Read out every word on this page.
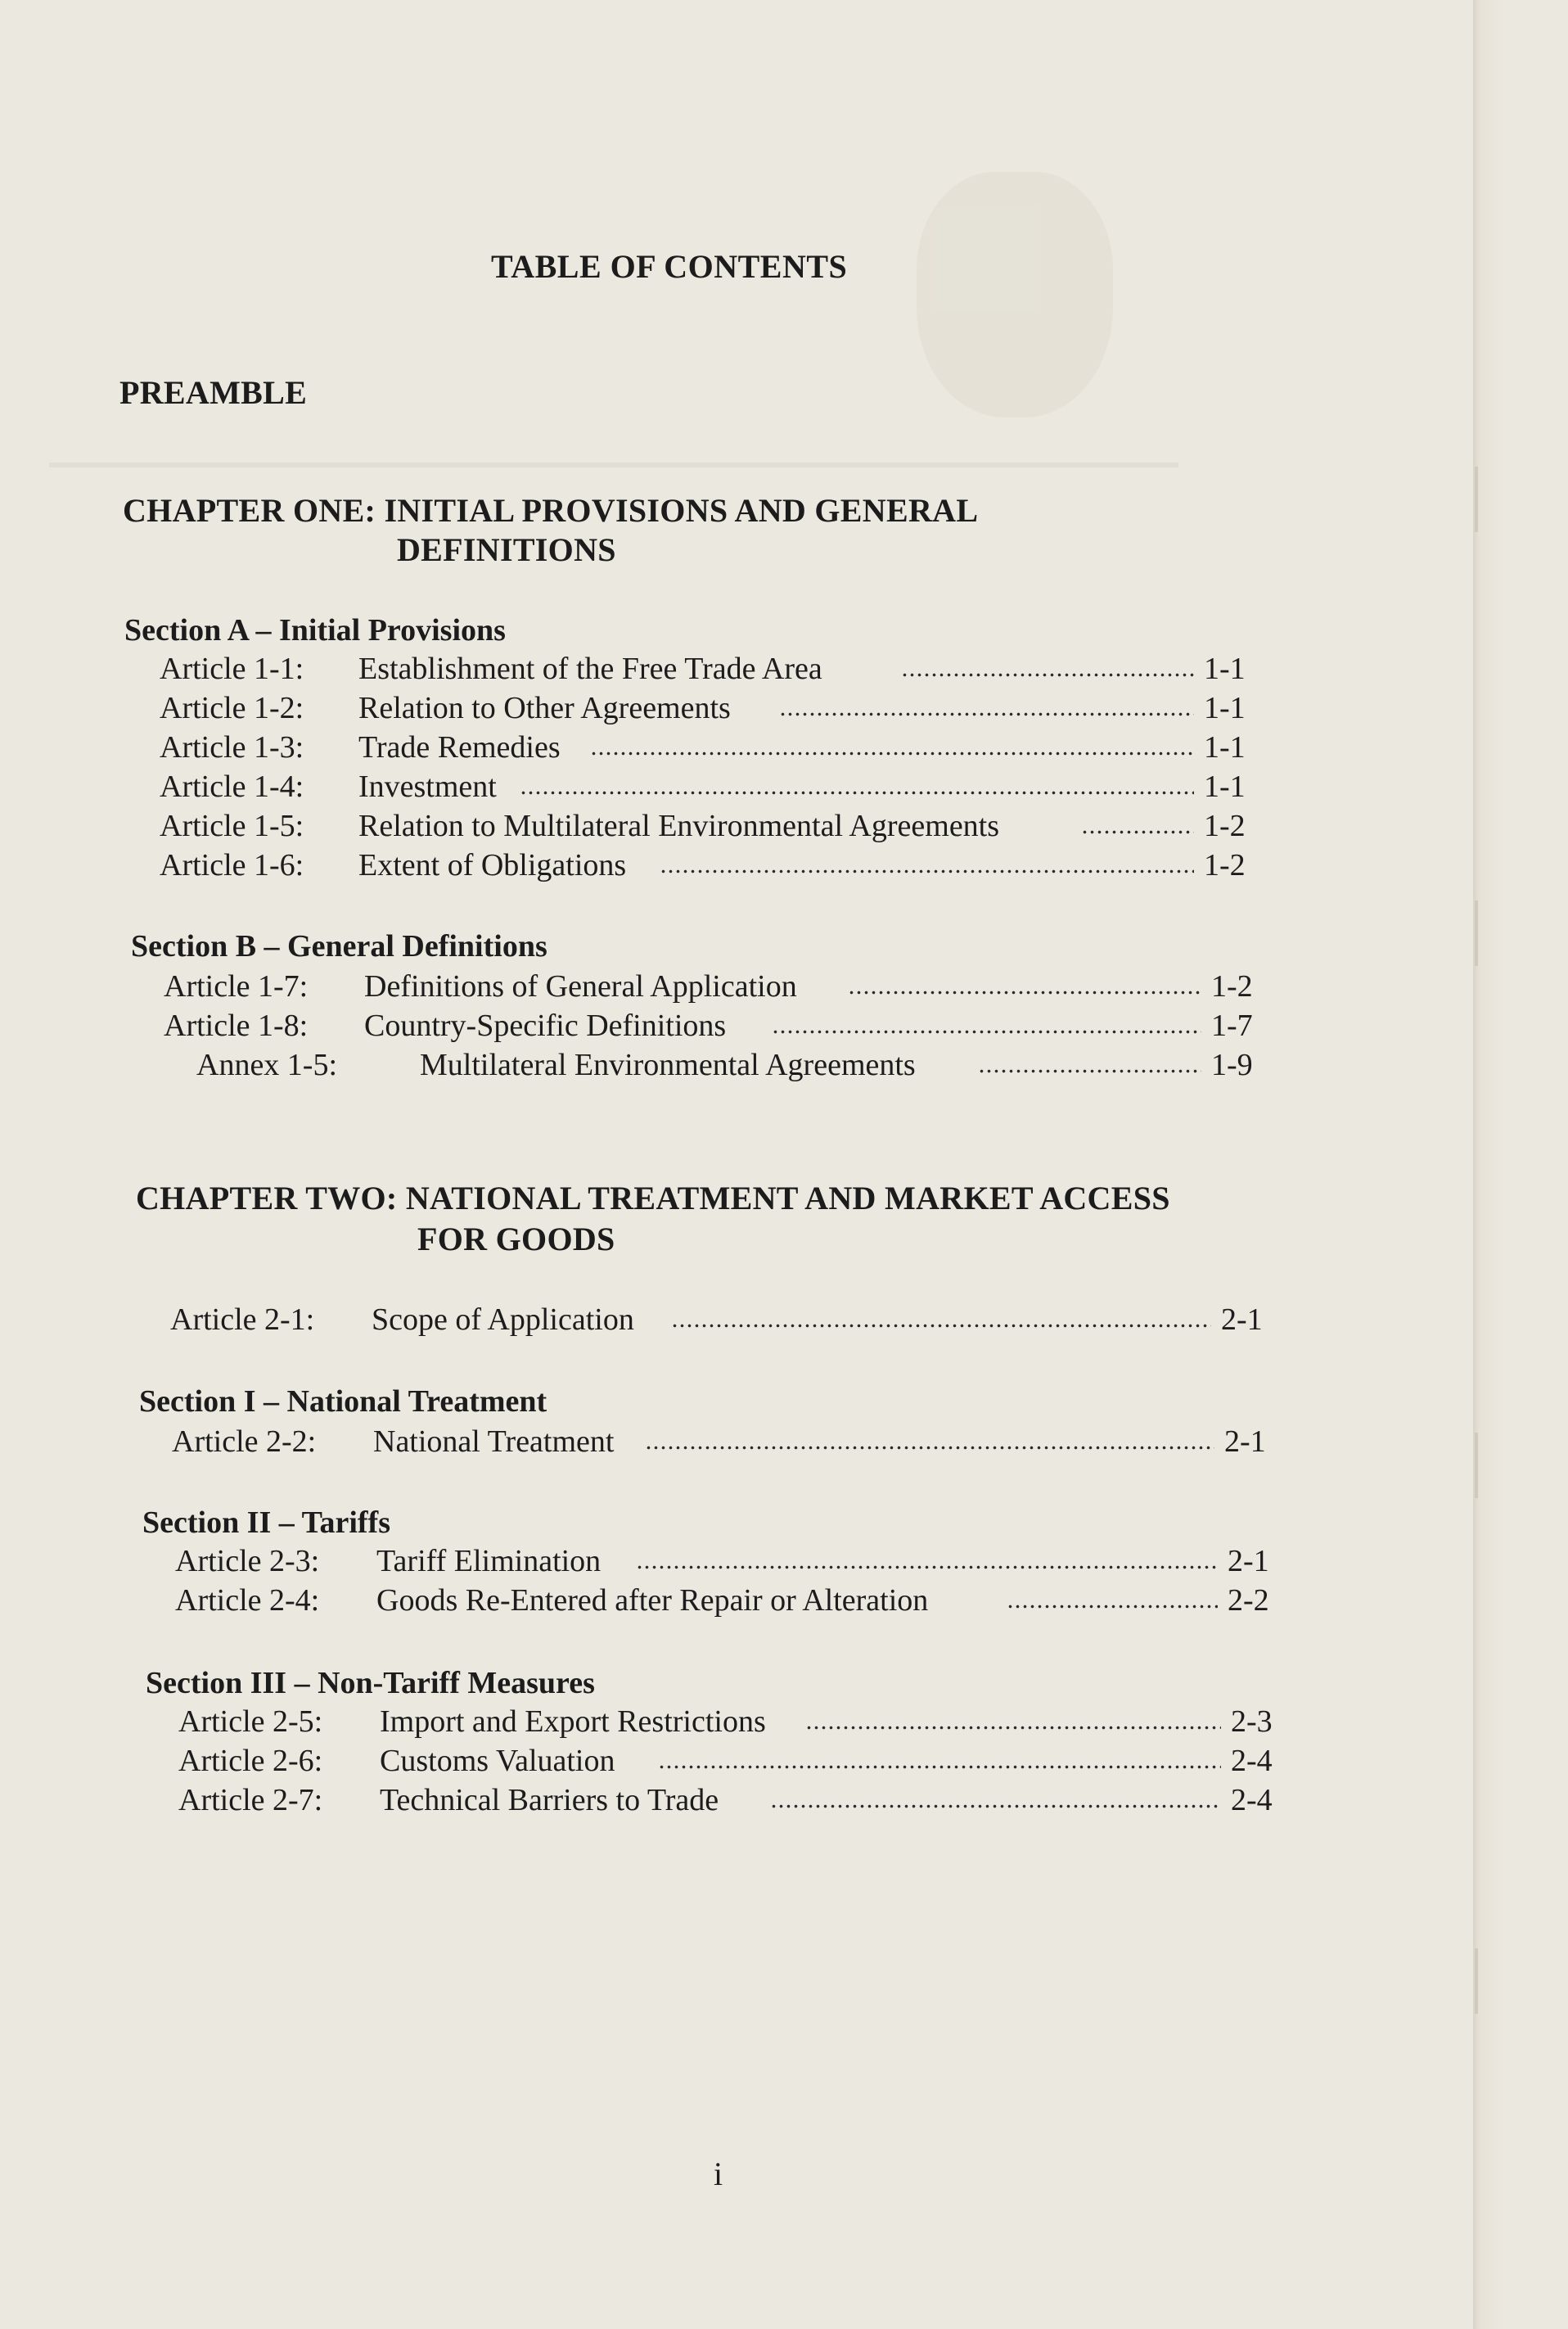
TABLE OF CONTENTS
PREAMBLE
CHAPTER ONE: INITIAL PROVISIONS AND GENERAL
DEFINITIONS
Section A – Initial Provisions
Article 1-1: Establishment of the Free Trade Area	1-1
Article 1-2: Relation to Other Agreements	1-1
Article 1-3: Trade Remedies	1-1
Article 1-4: Investment	1-1
Article 1-5: Relation to Multilateral Environmental Agreements	1-2
Article 1-6: Extent of Obligations	1-2
Section B – General Definitions
Article 1-7: Definitions of General Application	1-2
Article 1-8: Country-Specific Definitions	1-7
Annex 1-5:	Multilateral Environmental Agreements	1-9
CHAPTER TWO: NATIONAL TREATMENT AND MARKET ACCESS
FOR GOODS
Article 2-1: Scope of Application	2-1
Section I – National Treatment
Article 2-2: National Treatment	2-1
Section II – Tariffs
Article 2-3: Tariff Elimination	2-1
Article 2-4: Goods Re-Entered after Repair or Alteration	2-2
Section III – Non-Tariff Measures
Article 2-5: Import and Export Restrictions	2-3
Article 2-6: Customs Valuation	2-4
Article 2-7: Technical Barriers to Trade	2-4
i
